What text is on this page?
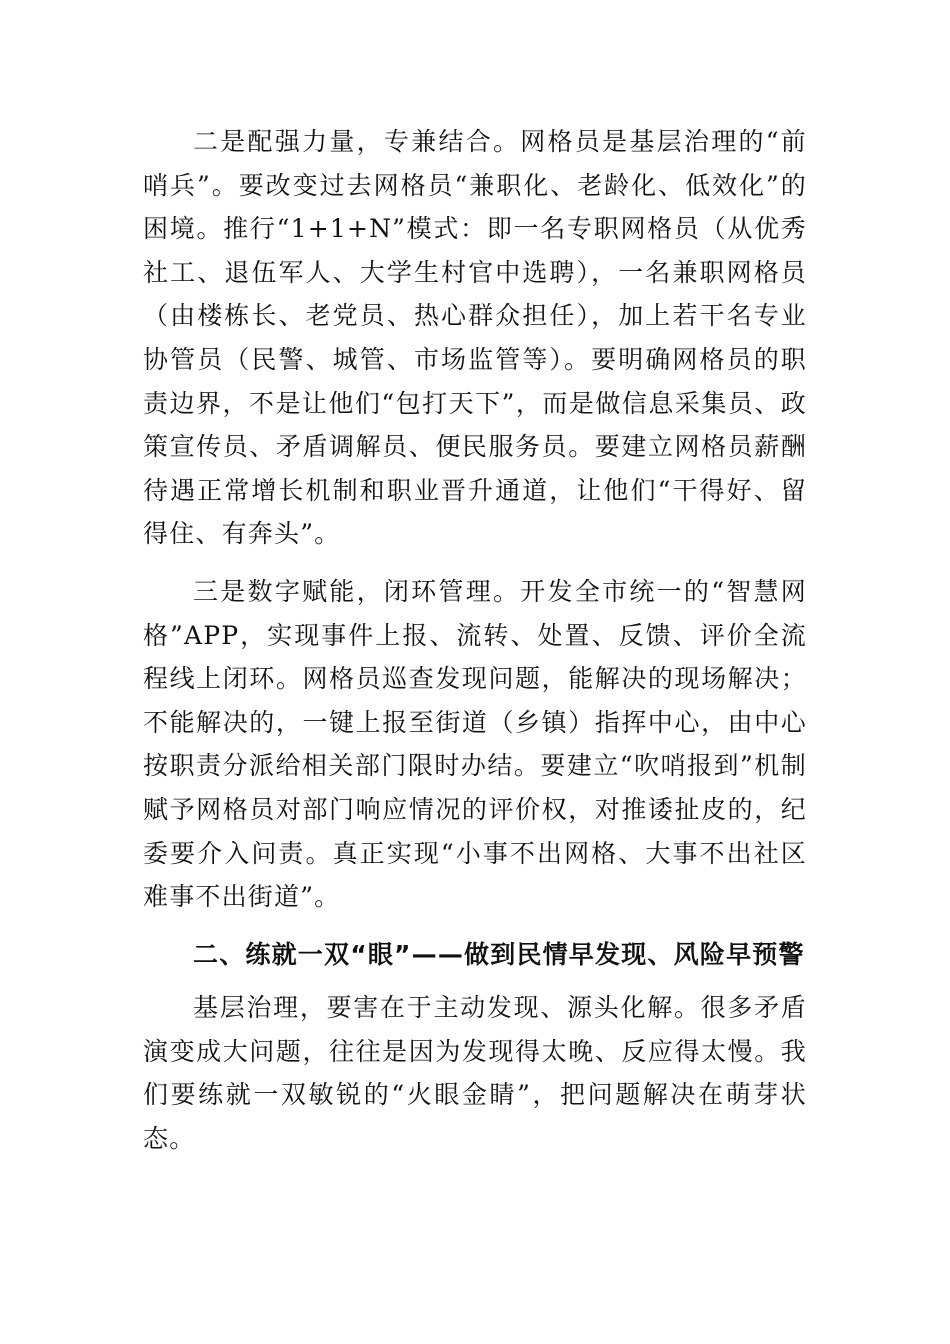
二是配强力量，专兼结合。网格员是基层治理的“前哨兵”。要改变过去网格员“兼职化、老龄化、低效化”的困境。推行“1+1+N”模式：即一名专职网格员（从优秀社工、退伍军人、大学生村官中选聘），一名兼职网格员（由楼栋长、老党员、热心群众担任），加上若干名专业协管员（民警、城管、市场监管等）。要明确网格员的职责边界，不是让他们“包打天下”，而是做信息采集员、政策宣传员、矛盾调解员、便民服务员。要建立网格员薪酬待遇正常增长机制和职业晋升通道，让他们“干得好、留得住、有奔头”。

三是数字赋能，闭环管理。开发全市统一的“智慧网格”APP，实现事件上报、流转、处置、反馈、评价全流程线上闭环。网格员巡查发现问题，能解决的现场解决；不能解决的，一键上报至街道（乡镇）指挥中心，由中心按职责分派给相关部门限时办结。要建立“吹哨报到”机制赋予网格员对部门响应情况的评价权，对推诿扯皮的，纪委要介入问责。真正实现“小事不出网格、大事不出社区难事不出街道”。

二、练就一双“眼”——做到民情早发现、风险早预警

基层治理，要害在于主动发现、源头化解。很多矛盾演变成大问题，往往是因为发现得太晚、反应得太慢。我们要练就一双敏锐的“火眼金睛”，把问题解决在萌芽状态。
